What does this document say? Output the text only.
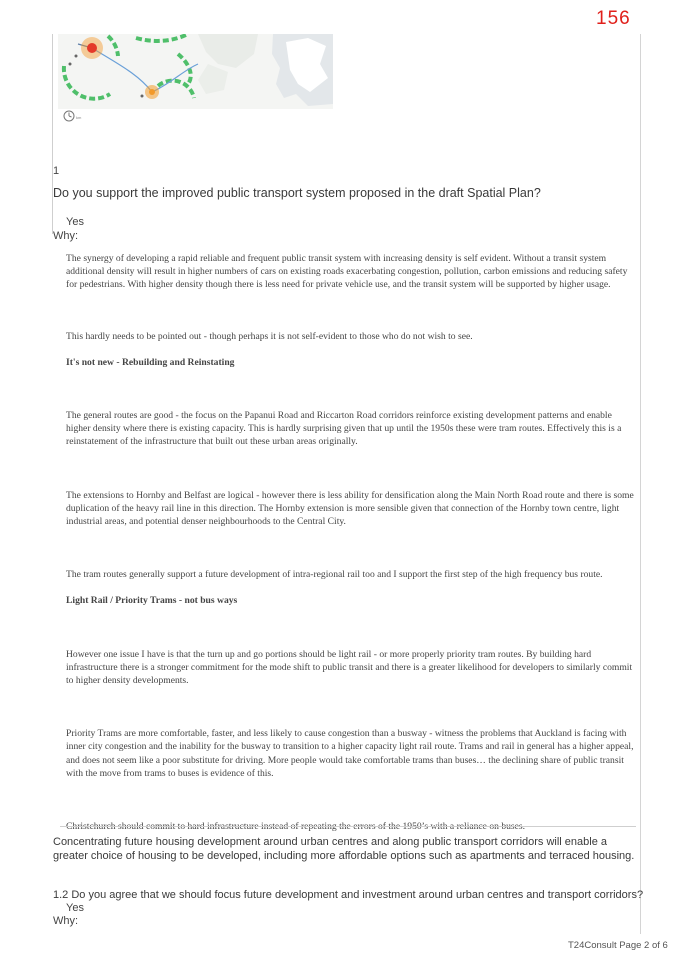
156
km
1
Do you support the improved public transport system proposed in the draft Spatial Plan?
Yes
Why:

The synergy of developing a rapid reliable and frequent public transit system with increasing density is self evident. Without a transit system additional density will result in higher numbers of cars on existing roads exacerbating congestion, pollution, carbon emissions and reducing safety for pedestrians. With higher density though there is less need for private vehicle use, and the transit system will be supported by higher usage.

This hardly needs to be pointed out - though perhaps it is not self-evident to those who do not wish to see.

It's not new - Rebuilding and Reinstating

The general routes are good - the focus on the Papanui Road and Riccarton Road corridors reinforce existing development patterns and enable higher density where there is existing capacity. This is hardly surprising given that up until the 1950s these were tram routes. Effectively this is a reinstatement of the infrastructure that built out these urban areas originally.

The extensions to Hornby and Belfast are logical - however there is less ability for densification along the Main North Road route and there is some duplication of the heavy rail line in this direction. The Hornby extension is more sensible given that connection of the Hornby town centre, light industrial areas, and potential denser neighbourhoods to the Central City.

The tram routes generally support a future development of intra-regional rail too and I support the first step of the high frequency bus route.

Light Rail / Priority Trams - not bus ways

However one issue I have is that the turn up and go portions should be light rail - or more properly priority tram routes. By building hard infrastructure there is a stronger commitment for the mode shift to public transit and there is a greater likelihood for developers to similarly commit to higher density developments.

Priority Trams are more comfortable, faster, and less likely to cause congestion than a busway - witness the problems that Auckland is facing with inner city congestion and the inability for the busway to transition to a higher capacity light rail route. Trams and rail in general has a higher appeal, and does not seem like a poor substitute for driving. More people would take comfortable trams than buses… the declining share of public transit with the move from trams to buses is evidence of this.

Concentrating future housing development around urban centres and along public transport corridors will enable a greater choice of housing to be developed, including more affordable options such as apartments and terraced housing.
1.2 Do you agree that we should focus future development and investment around urban centres and transport corridors?
Yes
Why:
T24Consult Page 2 of 6
